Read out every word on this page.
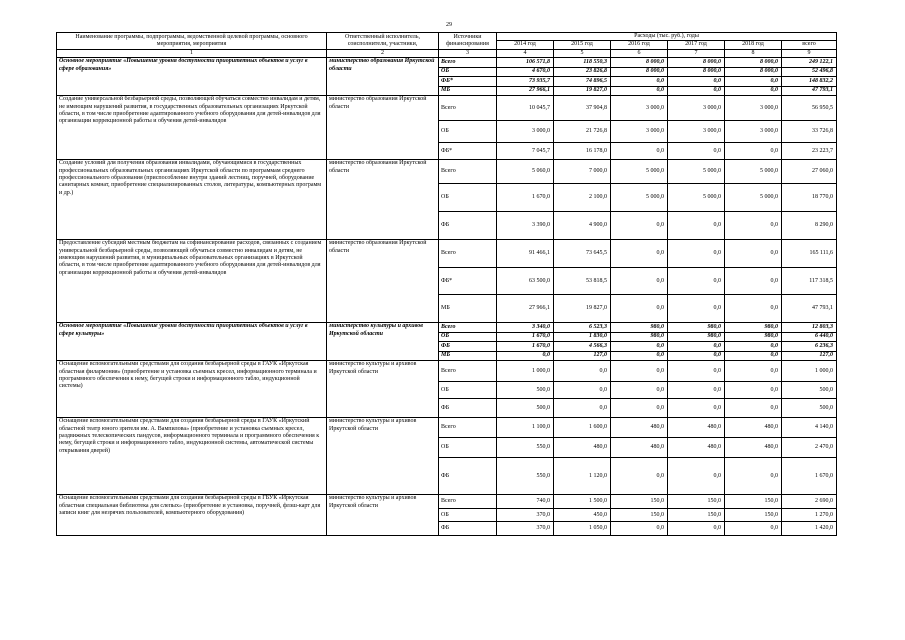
29
Наименование программы, подпрограммы, ведомственной целевой программы, основного мероприятия, мероприятия	Ответственный исполнитель, соисполнители, участники,	Источники финансирования	Расходы (тыс. руб.), годы					
			2014 год	2015 год	2016 год	2017 год	2018 год	всего
1	2	3	4	5	6	7	8	9
Основное мероприятие «Повышение уровня доступности приоритетных объектов и услуг в сфере образования»	министерство образования Иркутской области	Всего	106 571,8	118 550,3	8 000,0	8 000,0	8 000,0	249 122,1
		ОБ	4 670,0	23 826,8	8 000,0	8 000,0	8 000,0	52 496,8
		ФБ*	73 935,7	74 896,5	0,0	0,0	0,0	148 832,2
		МБ	27 966,1	19 827,0	0,0	0,0	0,0	47 793,1
Создание универсальной безбарьерной среды, позволяющей обучаться совместно инвалидам и детям, не имеющим нарушений развития, в государственных образовательных организациях Иркутской области, в том числе приобретение адаптированного учебного оборудования для детей-инвалидов для организации коррекционной работы и обучения детей-инвалидов	министерство образования Иркутской области	Всего	10 045,7	37 904,8	3 000,0	3 000,0	3 000,0	56 950,5
		ОБ	3 000,0	21 726,8	3 000,0	3 000,0	3 000,0	33 726,8
		ФБ*	7 045,7	16 178,0	0,0	0,0	0,0	23 223,7
Создание условий для получения образования инвалидами, обучающимися в государственных профессиональных образовательных организациях Иркутской области по программам среднего профессионального образования (приспособление внутри зданий лестниц, поручней, оборудование санитарных комнат, приобретение специализированных столов, литературы, компьютерных программ и др.)	министерство образования Иркутской области	Всего	5 060,0	7 000,0	5 000,0	5 000,0	5 000,0	27 060,0
		ОБ	1 670,0	2 100,0	5 000,0	5 000,0	5 000,0	18 770,0
		ФБ	3 390,0	4 900,0	0,0	0,0	0,0	8 290,0
Предоставление субсидий местным бюджетам на софинансирование расходов, связанных с созданием универсальной безбарьерной среды, позволяющей обучаться совместно инвалидам и детям, не имеющим нарушений развития, в муниципальных образовательных организациях в Иркутской области, в том числе приобретение адаптированного учебного оборудования для детей-инвалидов для организации коррекционной работы и обучения детей-инвалидов	министерство образования Иркутской области	Всего	91 466,1	73 645,5	0,0	0,0	0,0	165 111,6
		ФБ*	63 500,0	53 818,5	0,0	0,0	0,0	117 318,5
		МБ	27 966,1	19 827,0	0,0	0,0	0,0	47 793,1
Основное мероприятие «Повышение уровня доступности приоритетных объектов и услуг в сфере культуры»	министерство культуры и архивов Иркутской области	Всего	3 340,0	6 523,3	980,0	980,0	980,0	12 803,3
		ОБ	1 670,0	1 830,0	980,0	980,0	980,0	6 440,0
		ФБ	1 670,0	4 566,3	0,0	0,0	0,0	6 236,3
		МБ	0,0	127,0	0,0	0,0	0,0	127,0
Оснащение вспомогательными средствами для создания безбарьерной среды в ГАУК «Иркутская областная филармония» (приобретение и установка съемных кресел, информационного терминала и программного обеспечения к нему, бегущей строки и информационного табло, индукционной системы)	министерство культуры и архивов Иркутской области	Всего	1 000,0	0,0	0,0	0,0	0,0	1 000,0
		ОБ	500,0	0,0	0,0	0,0	0,0	500,0
		ФБ	500,0	0,0	0,0	0,0	0,0	500,0
Оснащение вспомогательными средствами для создания безбарьерной среды в ГАУК «Иркутский областной театр юного зрителя им. А. Вампилова» (приобретение и установка съемных кресел, раздвижных телескопических пандусов, информационного терминала и программного обеспечения к нему, бегущей строки и информационного табло, индукционной системы, автоматической системы открывания дверей)	министерство культуры и архивов Иркутской области	Всего	1 100,0	1 600,0	480,0	480,0	480,0	4 140,0
		ОБ	550,0	480,0	480,0	480,0	480,0	2 470,0
		ФБ	550,0	1 120,0	0,0	0,0	0,0	1 670,0
Оснащение вспомогательными средствами для создания безбарьерной среды в ГБУК «Иркутская областная специальная библиотека для слепых» (приобретение и установка, поручней, флэш-карт для записи книг для незрячих пользователей, компьютерного оборудования)	министерство культуры и архивов Иркутской области	Всего	740,0	1 500,0	150,0	150,0	150,0	2 690,0
		ОБ	370,0	450,0	150,0	150,0	150,0	1 270,0
		ФБ	370,0	1 050,0	0,0	0,0	0,0	1 420,0
